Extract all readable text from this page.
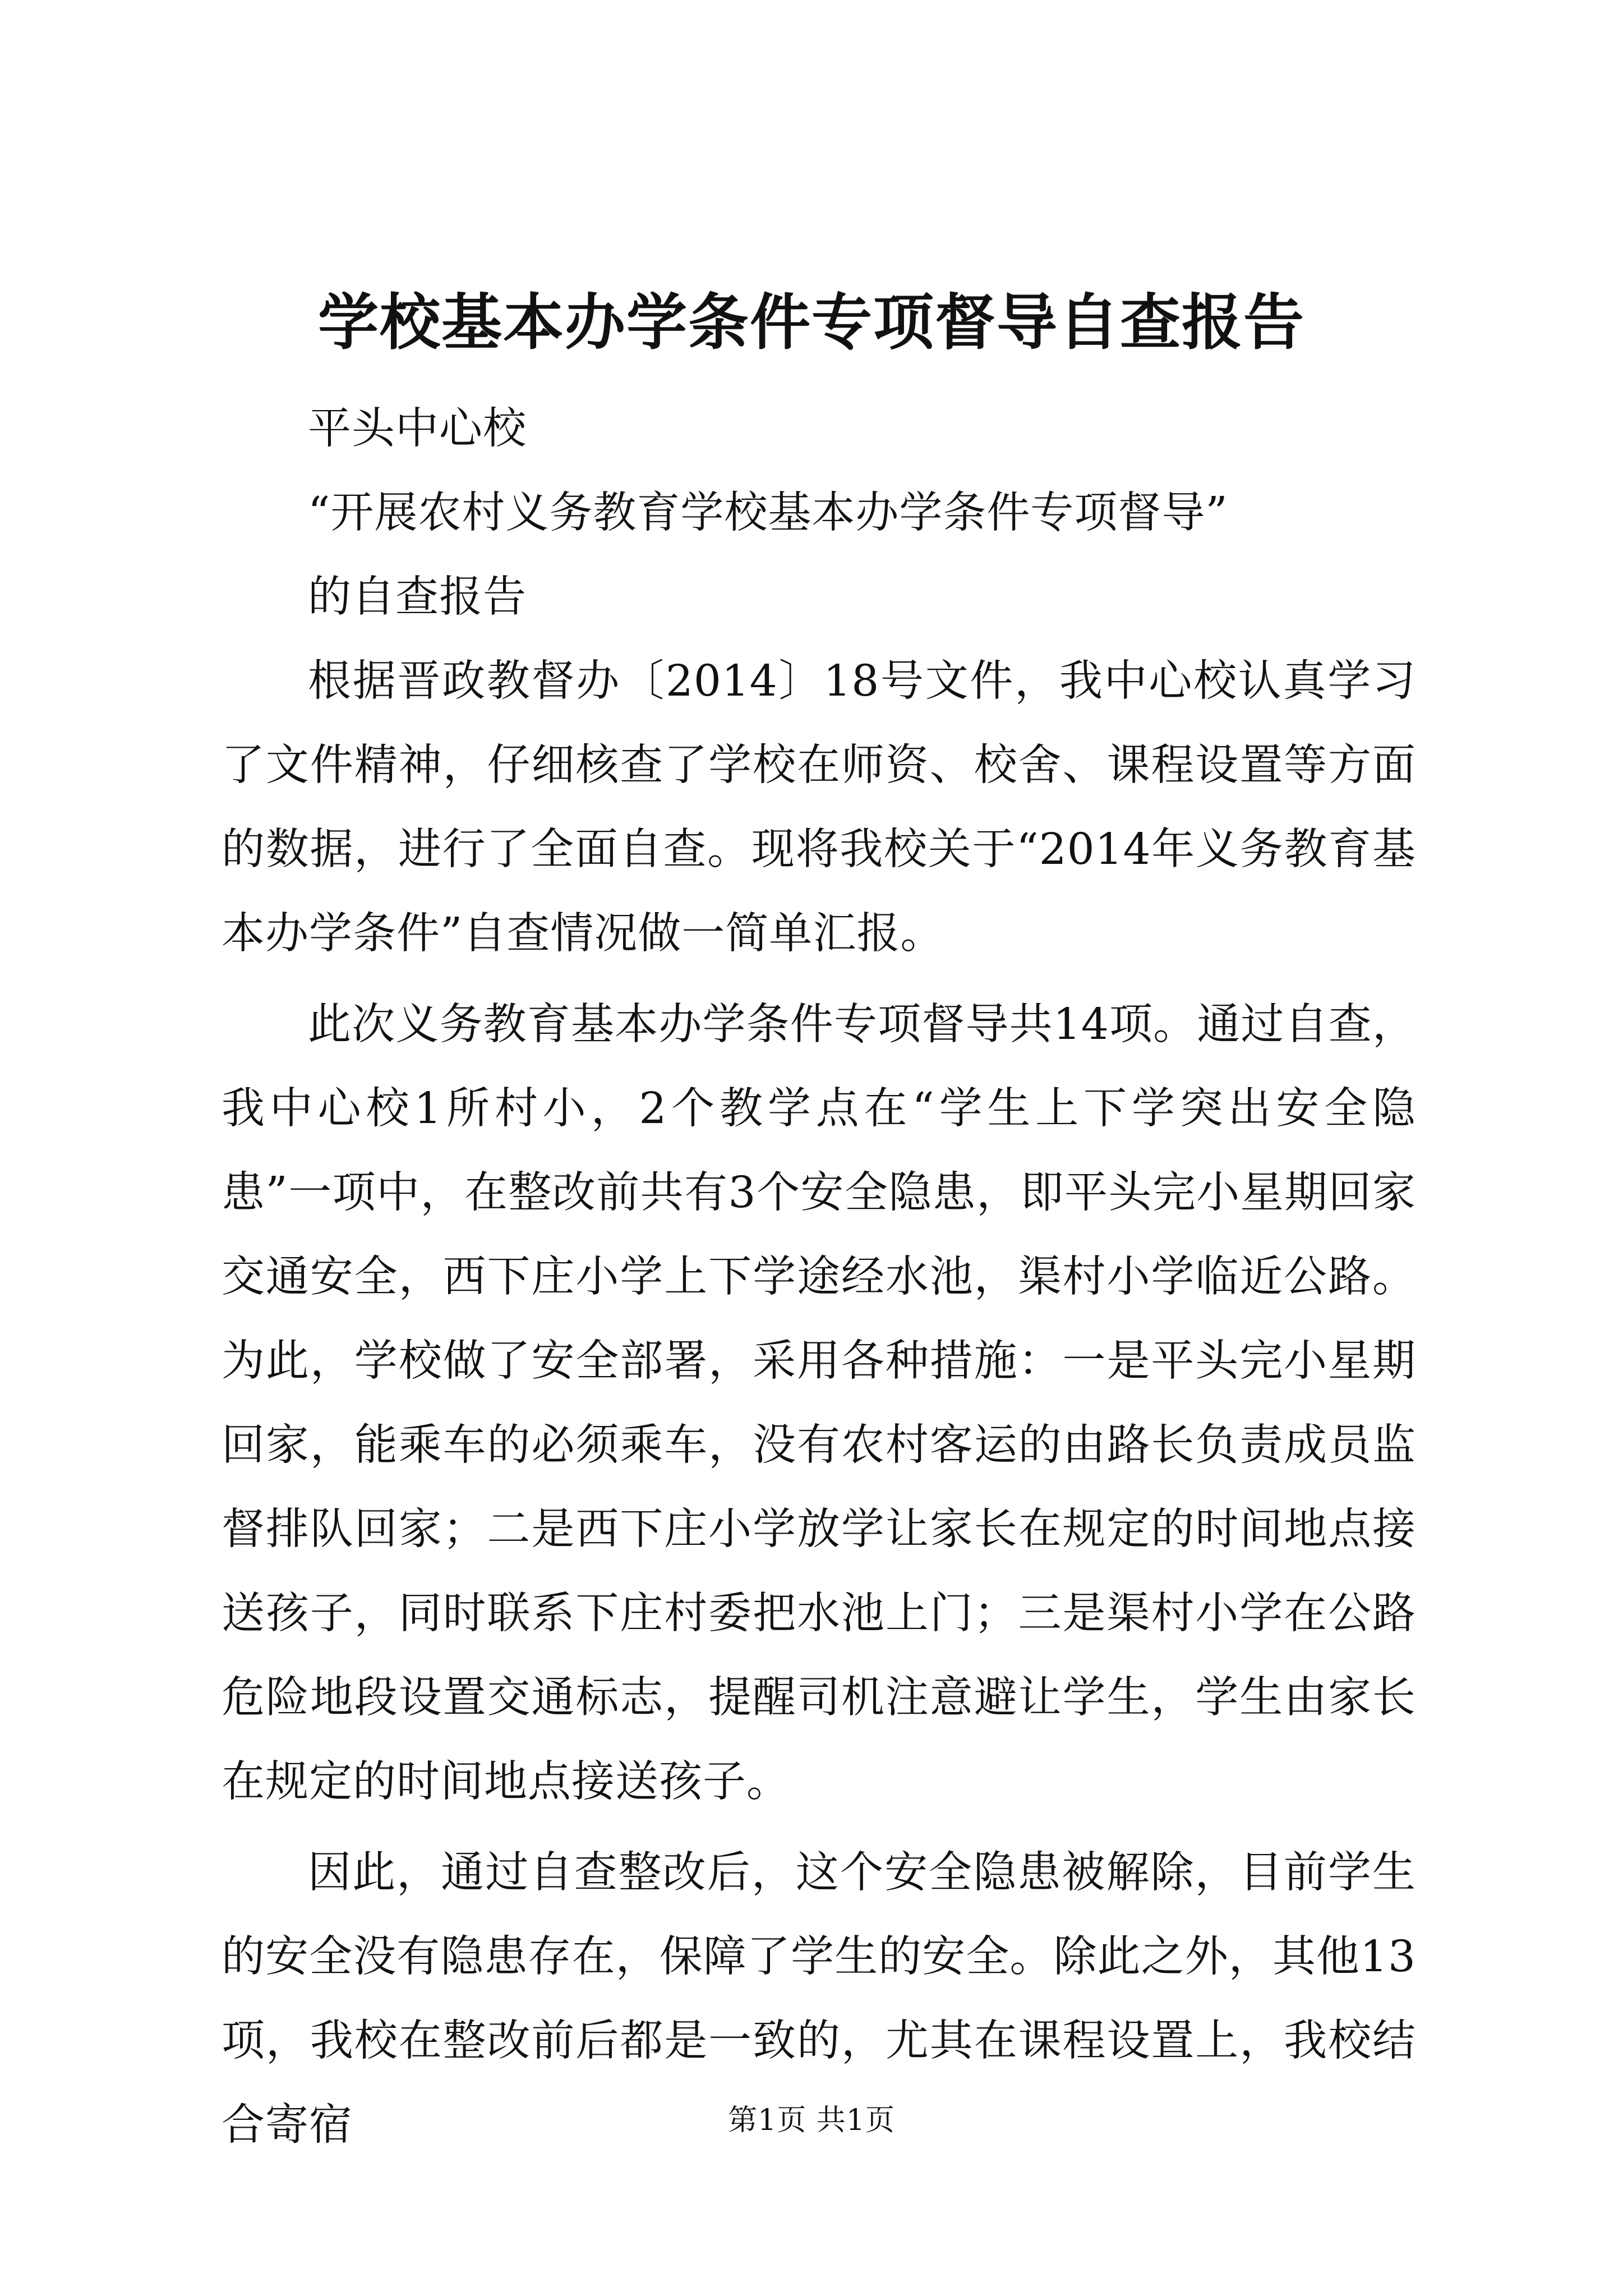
学校基本办学条件专项督导自查报告

平头中心校

“开展农村义务教育学校基本办学条件专项督导”

的自查报告

根据晋政教督办〔2014〕18号文件，我中心校认真学习了文件精神，仔细核查了学校在师资、校舍、课程设置等方面的数据，进行了全面自查。现将我校关于“2014年义务教育基本办学条件”自查情况做一简单汇报。

此次义务教育基本办学条件专项督导共14项。通过自查，我中心校1所村小，2个教学点在“学生上下学突出安全隐患”一项中，在整改前共有3个安全隐患，即平头完小星期回家交通安全，西下庄小学上下学途经水池，渠村小学临近公路。为此，学校做了安全部署，采用各种措施：一是平头完小星期回家，能乘车的必须乘车，没有农村客运的由路长负责成员监督排队回家；二是西下庄小学放学让家长在规定的时间地点接送孩子，同时联系下庄村委把水池上门；三是渠村小学在公路危险地段设置交通标志，提醒司机注意避让学生，学生由家长在规定的时间地点接送孩子。

因此，通过自查整改后，这个安全隐患被解除，目前学生的安全没有隐患存在，保障了学生的安全。除此之外，其他13项，我校在整改前后都是一致的，尤其在课程设置上，我校结合寄宿	第1页 共1页
